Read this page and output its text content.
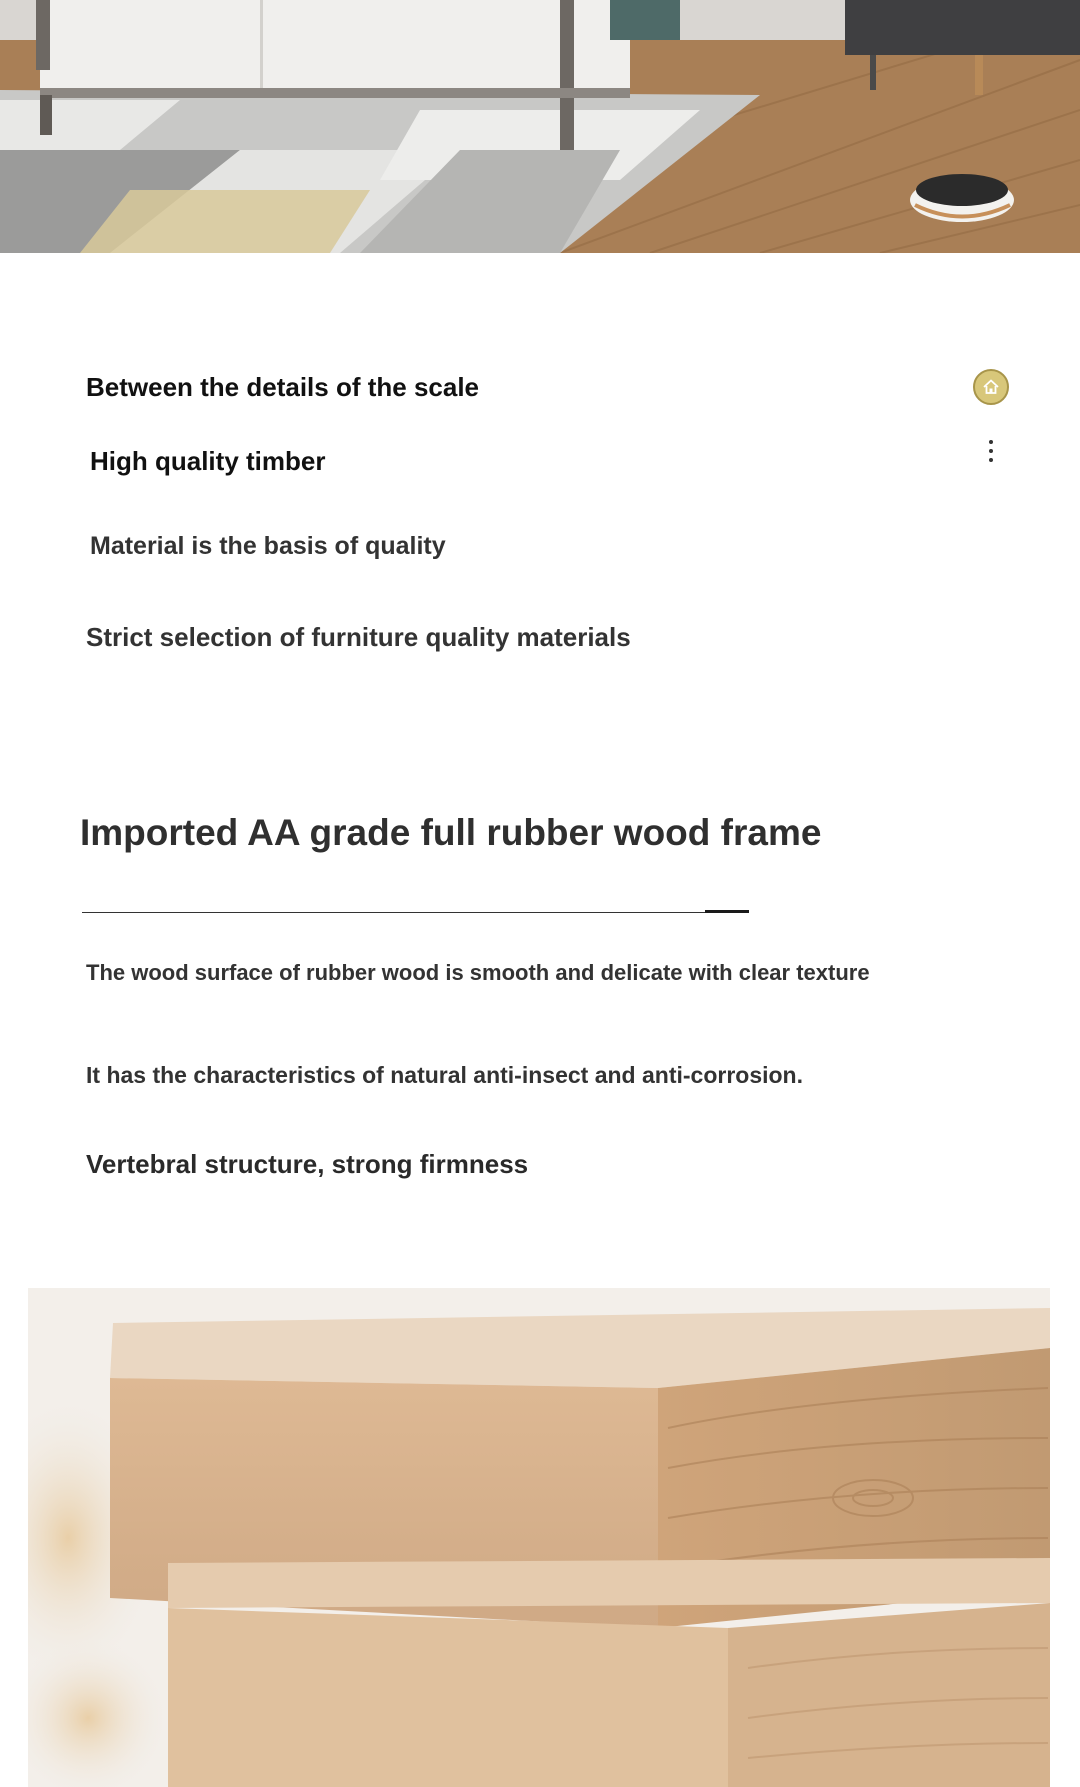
Between the details of the scale
High quality timber
Material is the basis of quality
Strict selection of furniture quality materials
Imported AA grade full rubber wood frame
The wood surface of rubber wood is smooth and delicate with clear texture
It has the characteristics of natural anti-insect and anti-corrosion.
Vertebral structure, strong firmness
